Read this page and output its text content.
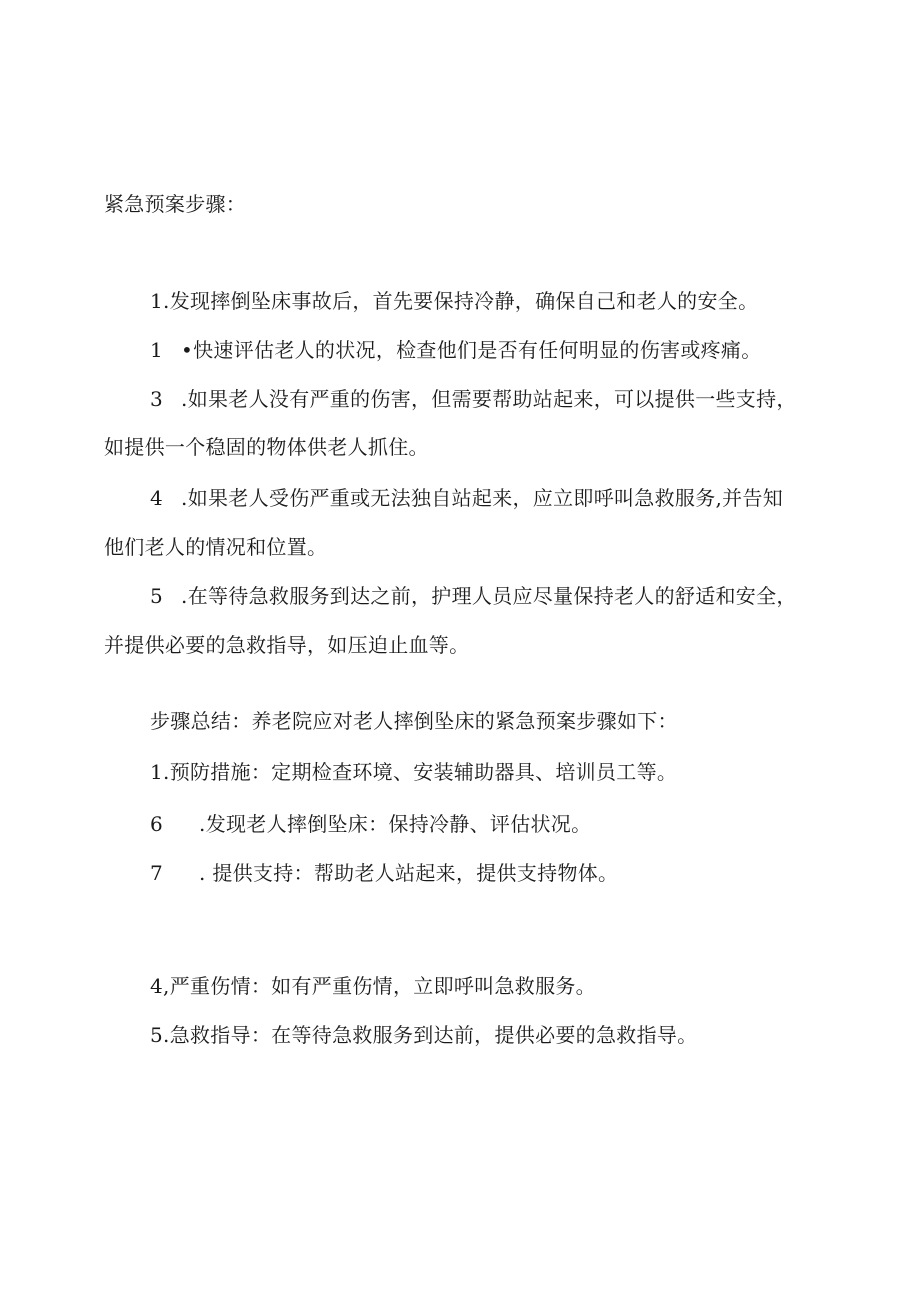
紧急预案步骤：
1.发现摔倒坠床事故后，首先要保持冷静，确保自己和老人的安全。
1 •快速评估老人的状况，检查他们是否有任何明显的伤害或疼痛。
3 .如果老人没有严重的伤害，但需要帮助站起来，可以提供一些支持，
如提供一个稳固的物体供老人抓住。
4 .如果老人受伤严重或无法独自站起来，应立即呼叫急救服务,并告知
他们老人的情况和位置。
5 .在等待急救服务到达之前，护理人员应尽量保持老人的舒适和安全，
并提供必要的急救指导，如压迫止血等。
步骤总结：养老院应对老人摔倒坠床的紧急预案步骤如下：
1.预防措施：定期检查环境、安装辅助器具、培训员工等。
6 .发现老人摔倒坠床：保持冷静、评估状况。
7 . 提供支持：帮助老人站起来，提供支持物体。
4,严重伤情：如有严重伤情，立即呼叫急救服务。
5.急救指导：在等待急救服务到达前，提供必要的急救指导。
